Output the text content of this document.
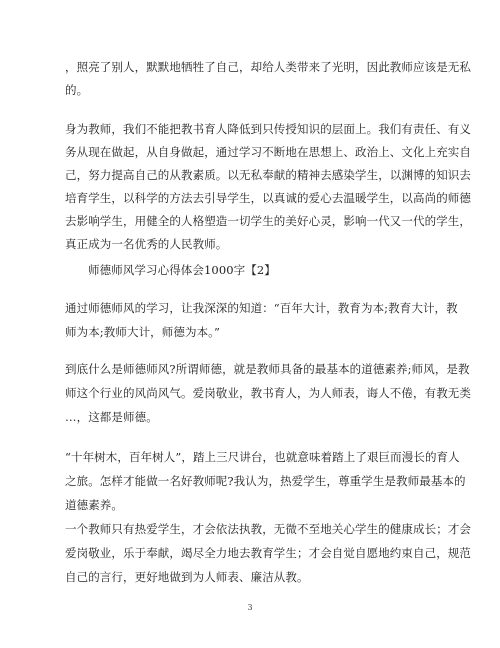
，照亮了别人，默默地牺牲了自己，却给人类带来了光明，因此教师应该是无私
的。
身为教师，我们不能把教书育人降低到只传授知识的层面上。我们有责任、有义
务从现在做起，从自身做起，通过学习不断地在思想上、政治上、文化上充实自
己，努力提高自己的从教素质。以无私奉献的精神去感染学生，以渊博的知识去
培育学生，以科学的方法去引导学生，以真诚的爱心去温暖学生，以高尚的师德
去影响学生，用健全的人格塑造一切学生的美好心灵，影响一代又一代的学生，
真正成为一名优秀的人民教师。
师德师风学习心得体会1000字【2】
通过师德师风的学习，让我深深的知道：“百年大计，教育为本;教育大计，教
师为本;教师大计，师德为本。”
到底什么是师德师风?所谓师德，就是教师具备的最基本的道德素养;师风，是教
师这个行业的风尚风气。爱岗敬业，教书育人，为人师表，诲人不倦，有教无类
…，这都是师德。
“十年树木，百年树人”，踏上三尺讲台，也就意味着踏上了艰巨而漫长的育人
之旅。怎样才能做一名好教师呢?我认为，热爱学生，尊重学生是教师最基本的
道德素养。
一个教师只有热爱学生，才会依法执教，无微不至地关心学生的健康成长；才会
爱岗敬业，乐于奉献，竭尽全力地去教育学生；才会自觉自愿地约束自己，规范
自己的言行，更好地做到为人师表、廉洁从教。
3
